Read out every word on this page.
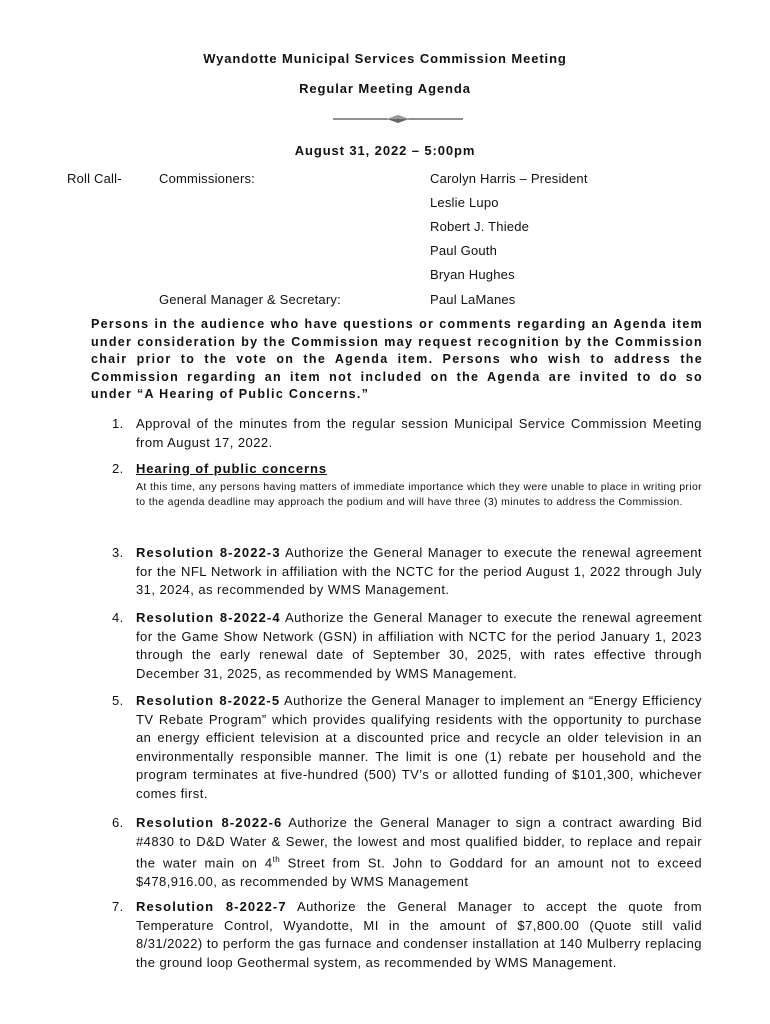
Wyandotte Municipal Services Commission Meeting
Regular Meeting Agenda
August 31, 2022 – 5:00pm
Roll Call-	Commissioners:	Carolyn Harris – President
Leslie Lupo
Robert J. Thiede
Paul Gouth
Bryan Hughes
General Manager & Secretary:	Paul LaManes
Persons in the audience who have questions or comments regarding an Agenda item under consideration by the Commission may request recognition by the Commission chair prior to the vote on the Agenda item. Persons who wish to address the Commission regarding an item not included on the Agenda are invited to do so under “A Hearing of Public Concerns.”
1. Approval of the minutes from the regular session Municipal Service Commission Meeting from August 17, 2022.
2. Hearing of public concerns
At this time, any persons having matters of immediate importance which they were unable to place in writing prior to the agenda deadline may approach the podium and will have three (3) minutes to address the Commission.
3. Resolution 8-2022-3 Authorize the General Manager to execute the renewal agreement for the NFL Network in affiliation with the NCTC for the period August 1, 2022 through July 31, 2024, as recommended by WMS Management.
4. Resolution 8-2022-4 Authorize the General Manager to execute the renewal agreement for the Game Show Network (GSN) in affiliation with NCTC for the period January 1, 2023 through the early renewal date of September 30, 2025, with rates effective through December 31, 2025, as recommended by WMS Management.
5. Resolution 8-2022-5 Authorize the General Manager to implement an “Energy Efficiency TV Rebate Program” which provides qualifying residents with the opportunity to purchase an energy efficient television at a discounted price and recycle an older television in an environmentally responsible manner. The limit is one (1) rebate per household and the program terminates at five-hundred (500) TV’s or allotted funding of $101,300, whichever comes first.
6. Resolution 8-2022-6 Authorize the General Manager to sign a contract awarding Bid #4830 to D&D Water & Sewer, the lowest and most qualified bidder, to replace and repair the water main on 4th Street from St. John to Goddard for an amount not to exceed $478,916.00, as recommended by WMS Management
7. Resolution 8-2022-7 Authorize the General Manager to accept the quote from Temperature Control, Wyandotte, MI in the amount of $7,800.00 (Quote still valid 8/31/2022) to perform the gas furnace and condenser installation at 140 Mulberry replacing the ground loop Geothermal system, as recommended by WMS Management.
